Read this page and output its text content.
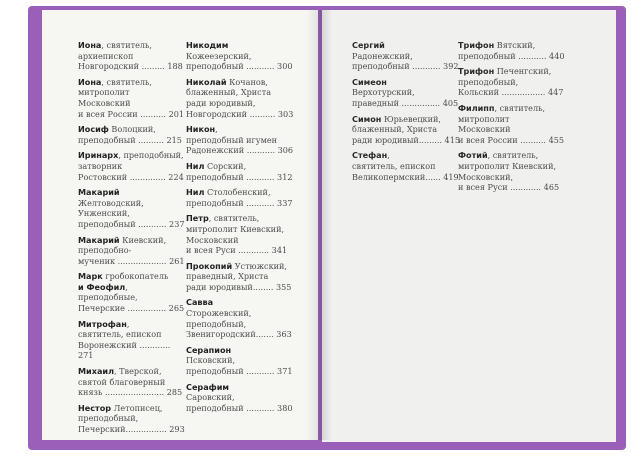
Иона, святитель,
архиепископ
Новгородский ......... 188
Иона, святитель,
митрополит
Московский
и всея России .......... 201
Иосиф Волоцкий,
преподобный .......... 215
Иринарх, преподобный,
затворник
Ростовский .............. 224
Макарий
Желтоводский,
Унженский,
преподобный ........... 237
Макарий Киевский,
преподобно-
мученик ................... 261
Марк гробокопатель
и Феофил,
преподобные,
Печерские ............... 265
Митрофан,
святитель, епископ
Воронежский ............ 271
Михаил, Тверской,
святой благоверный
князь ....................... 285
Нестор Летописец,
преподобный,
Печерский................ 293
Никодим
Кожеезерский,
преподобный ........... 300
Николай Кочанов,
блаженный, Христа
ради юродивый,
Новгородский .......... 303
Никон,
преподобный игумен
Радонежский ........... 306
Нил Сорский,
преподобный ........... 312
Нил Столобенский,
преподобный ........... 337
Петр, святитель,
митрополит Киевский,
Московский
и всея Руси ............ 341
Прокопий Устюжский,
праведный, Христа
ради юродивый........ 355
Савва
Сторожевский,
преподобный,
Звенигородский....... 363
Серапион
Псковский,
преподобный ........... 371
Серафим
Саровский,
преподобный ........... 380
Сергий
Радонежский,
преподобный ........... 392
Симеон
Верхотурский,
праведный ............... 405
Симон Юрьевецкий,
блаженный, Христа
ради юродивый......... 415
Стефан,
святитель, епископ
Великопермский...... 419
Трифон Вятский,
преподобный ........... 440
Трифон Печенгский,
преподобный,
Кольский ................. 447
Филипп, святитель,
митрополит
Московский
и всея России .......... 455
Фотий, святитель,
митрополит Киевский,
Московский,
и всея Руси ............ 465
